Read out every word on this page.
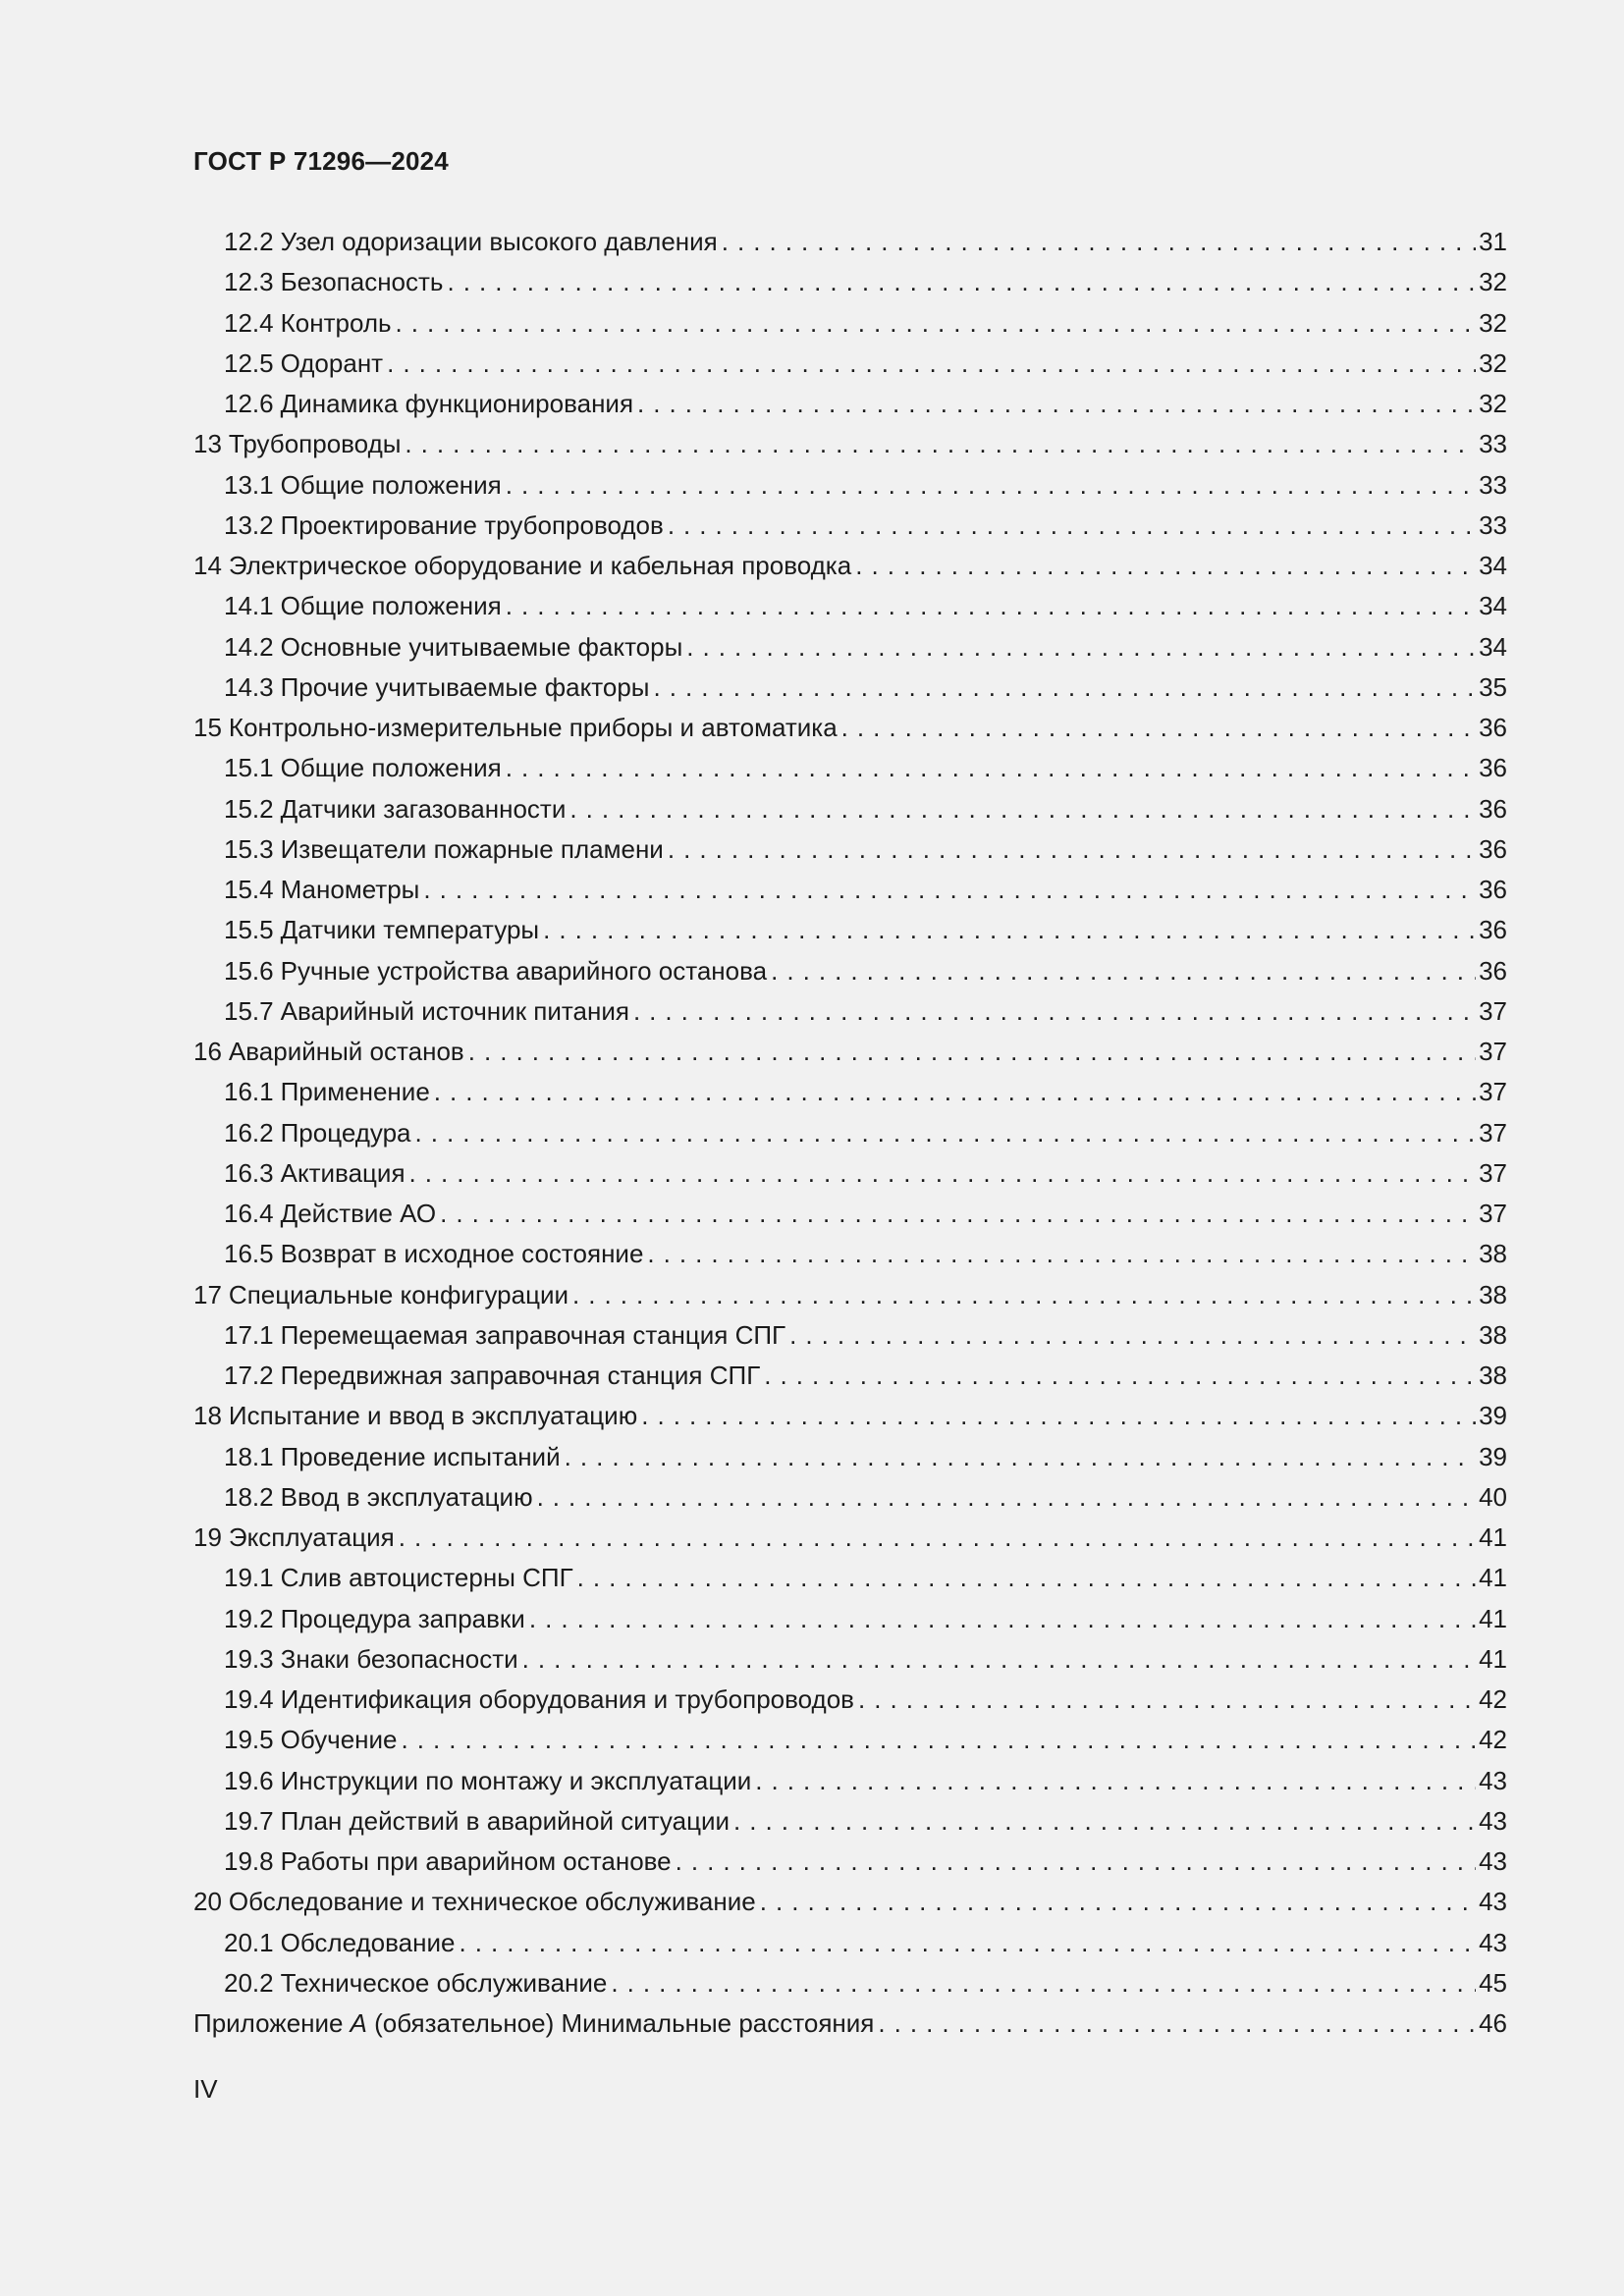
ГОСТ Р 71296—2024
12.2 Узел одоризации высокого давления . . .	31
12.3 Безопасность . . .	32
12.4 Контроль . . .	32
12.5 Одорант . . .	32
12.6 Динамика функционирования . . .	32
13 Трубопроводы . . .	33
13.1 Общие положения . . .	33
13.2 Проектирование трубопроводов . . .	33
14 Электрическое оборудование и кабельная проводка . . .	34
14.1 Общие положения . . .	34
14.2 Основные учитываемые факторы . . .	34
14.3 Прочие учитываемые факторы . . .	35
15 Контрольно-измерительные приборы и автоматика . . .	36
15.1 Общие положения . . .	36
15.2 Датчики загазованности . . .	36
15.3 Извещатели пожарные пламени . . .	36
15.4 Манометры . . .	36
15.5 Датчики температуры . . .	36
15.6 Ручные устройства аварийного останова . . .	36
15.7 Аварийный источник питания . . .	37
16 Аварийный останов . . .	37
16.1 Применение . . .	37
16.2 Процедура . . .	37
16.3 Активация . . .	37
16.4 Действие АО . . .	37
16.5 Возврат в исходное состояние . . .	38
17 Специальные конфигурации . . .	38
17.1 Перемещаемая заправочная станция СПГ . . .	38
17.2 Передвижная заправочная станция СПГ . . .	38
18 Испытание и ввод в эксплуатацию . . .	39
18.1 Проведение испытаний . . .	39
18.2 Ввод в эксплуатацию . . .	40
19 Эксплуатация . . .	41
19.1 Слив автоцистерны СПГ . . .	41
19.2 Процедура заправки . . .	41
19.3 Знаки безопасности . . .	41
19.4 Идентификация оборудования и трубопроводов . . .	42
19.5 Обучение . . .	42
19.6 Инструкции по монтажу и эксплуатации . . .	43
19.7 План действий в аварийной ситуации . . .	43
19.8 Работы при аварийном останове . . .	43
20 Обследование и техническое обслуживание . . .	43
20.1 Обследование . . .	43
20.2 Техническое обслуживание . . .	45
Приложение А (обязательное) Минимальные расстояния . . .	46
IV
